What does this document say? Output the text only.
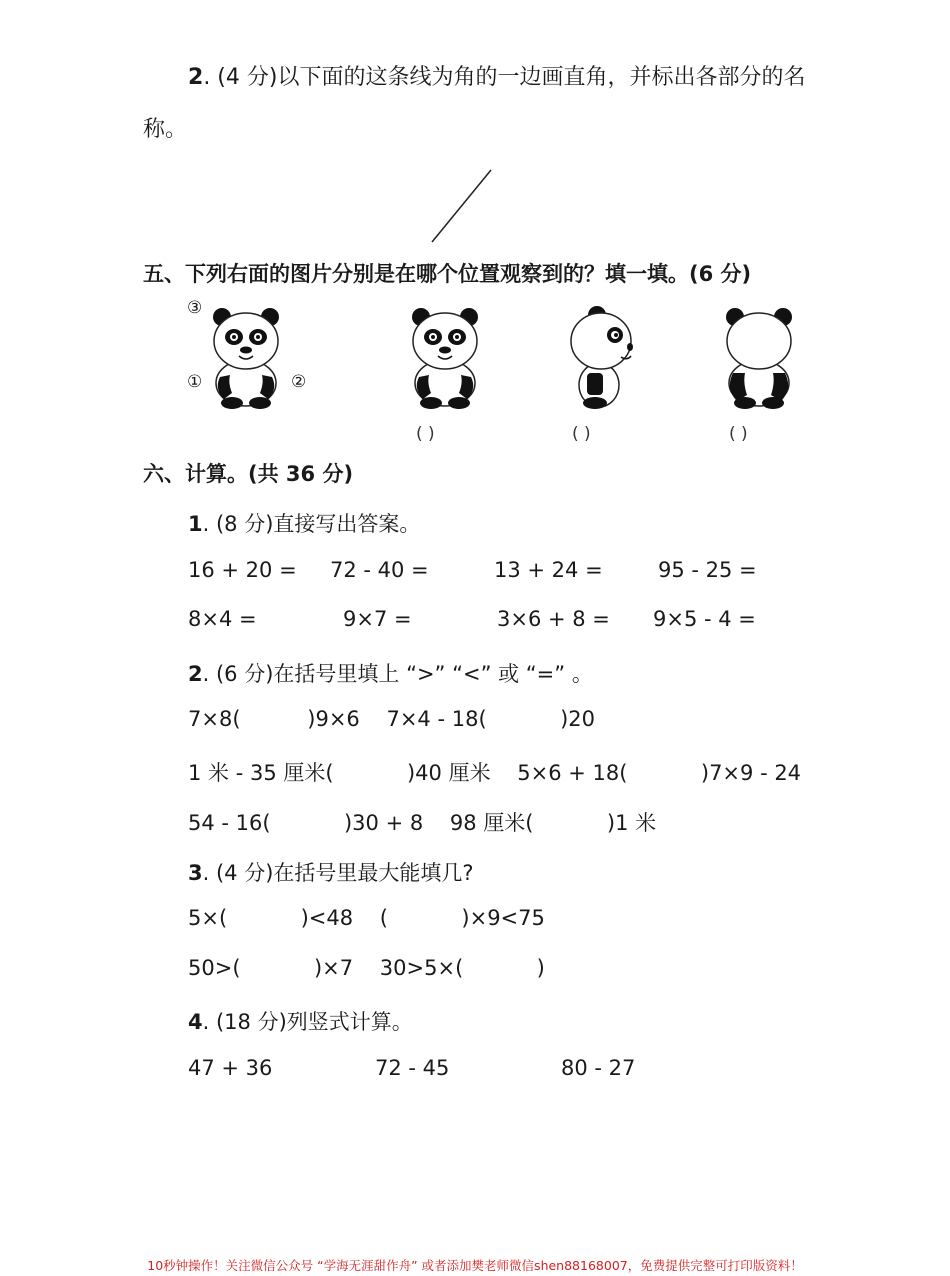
2. (4 分)以下面的这条线为角的一边画直角，并标出各部分的名
称。
五、下列右面的图片分别是在哪个位置观察到的？填一填。(6 分)
③
①	②
( )	( )	( )
六、计算。(共 36 分)
1. (8 分)直接写出答案。
16 + 20 = 72 - 40 =	13 + 24 =	95 - 25 =
8×4 =	9×7 =	3×6 + 8 = 9×5 - 4 =
2. (6 分)在括号里填上 “>” “<” 或 “=” 。
7×8(          )9×6    7×4 - 18(           )20
1 米 - 35 厘米(           )40 厘米    5×6 + 18(           )7×9 - 24
54 - 16(           )30 + 8    98 厘米(           )1 米
3. (4 分)在括号里最大能填几?
5×(           )<48    (           )×9<75
50>(           )×7    30>5×(           )
4. (18 分)列竖式计算。
47 + 36	72 - 45	80 - 27
10秒钟操作！关注微信公众号 “学海无涯甜作舟” 或者添加樊老师微信shen88168007，免费提供完整可打印版资料！
